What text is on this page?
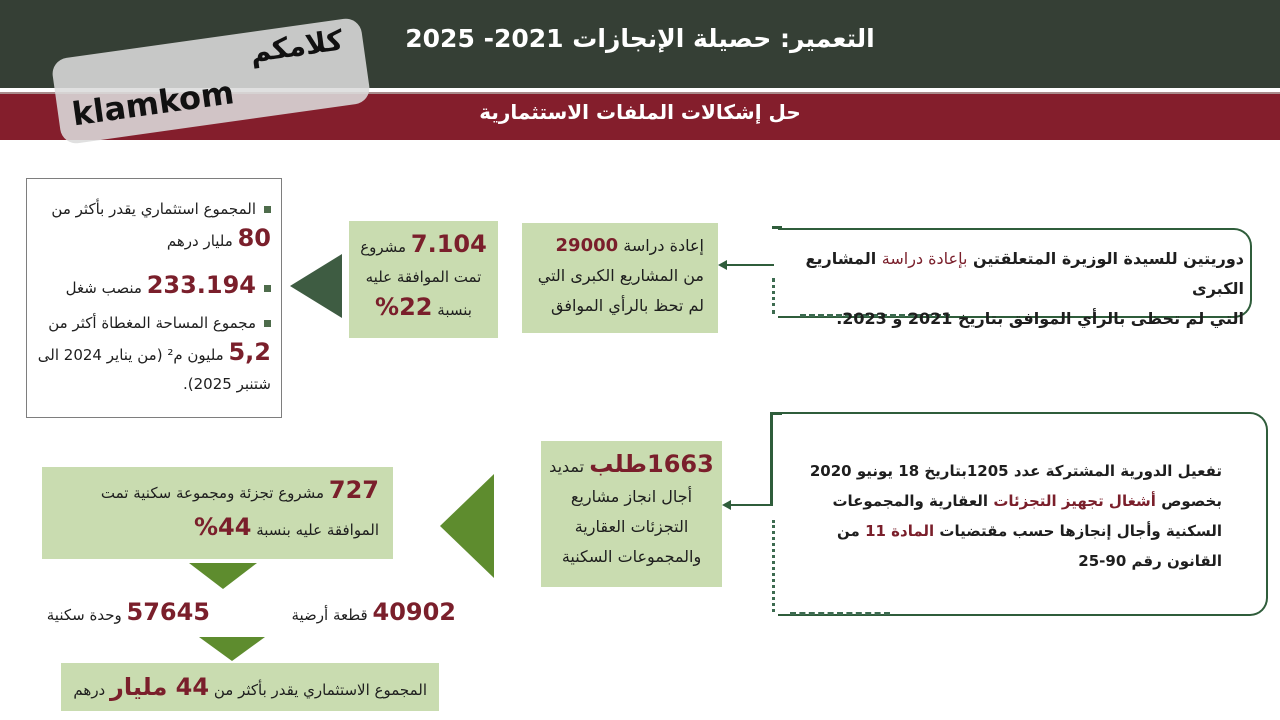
التعمير: حصيلة الإنجازات 2021- 2025
حل إشكالات الملفات الاستثمارية
كلامكم
klamkom
دوريتين للسيدة الوزيرة المتعلقتين بإعادة دراسة المشاريع الكبرى
التي لم تحظى بالرأي الموافق بتاريخ 2021 و 2023.
إعادة دراسة 29000
من المشاريع الكبرى التي
لم تحظ بالرأي الموافق
7.104 مشروع
تمت الموافقة عليه
بنسبة 22%
المجموع استثماري يقدر بأكثر من 80 مليار درهم
233.194 منصب شغل
مجموع المساحة المغطاة أكثر من 5,2 مليون م² (من يناير 2024 الى شتنبر 2025).
تفعيل الدورية المشتركة عدد 1205بتاريخ 18 يونيو 2020
بخصوص أشغال تجهيز التجزئات العقارية والمجموعات
السكنية وأجال إنجازها حسب مقتضيات المادة 11 من
القانون رقم 90-25
1663طلب تمديد
أجال انجاز مشاريع
التجزئات العقارية
والمجموعات السكنية
727 مشروع تجزئة ومجموعة سكنية تمت
الموافقة عليه بنسبة 44%
40902 قطعة أرضية
57645 وحدة سكنية
المجموع الاستثماري يقدر بأكثر من 44 مليار درهم
